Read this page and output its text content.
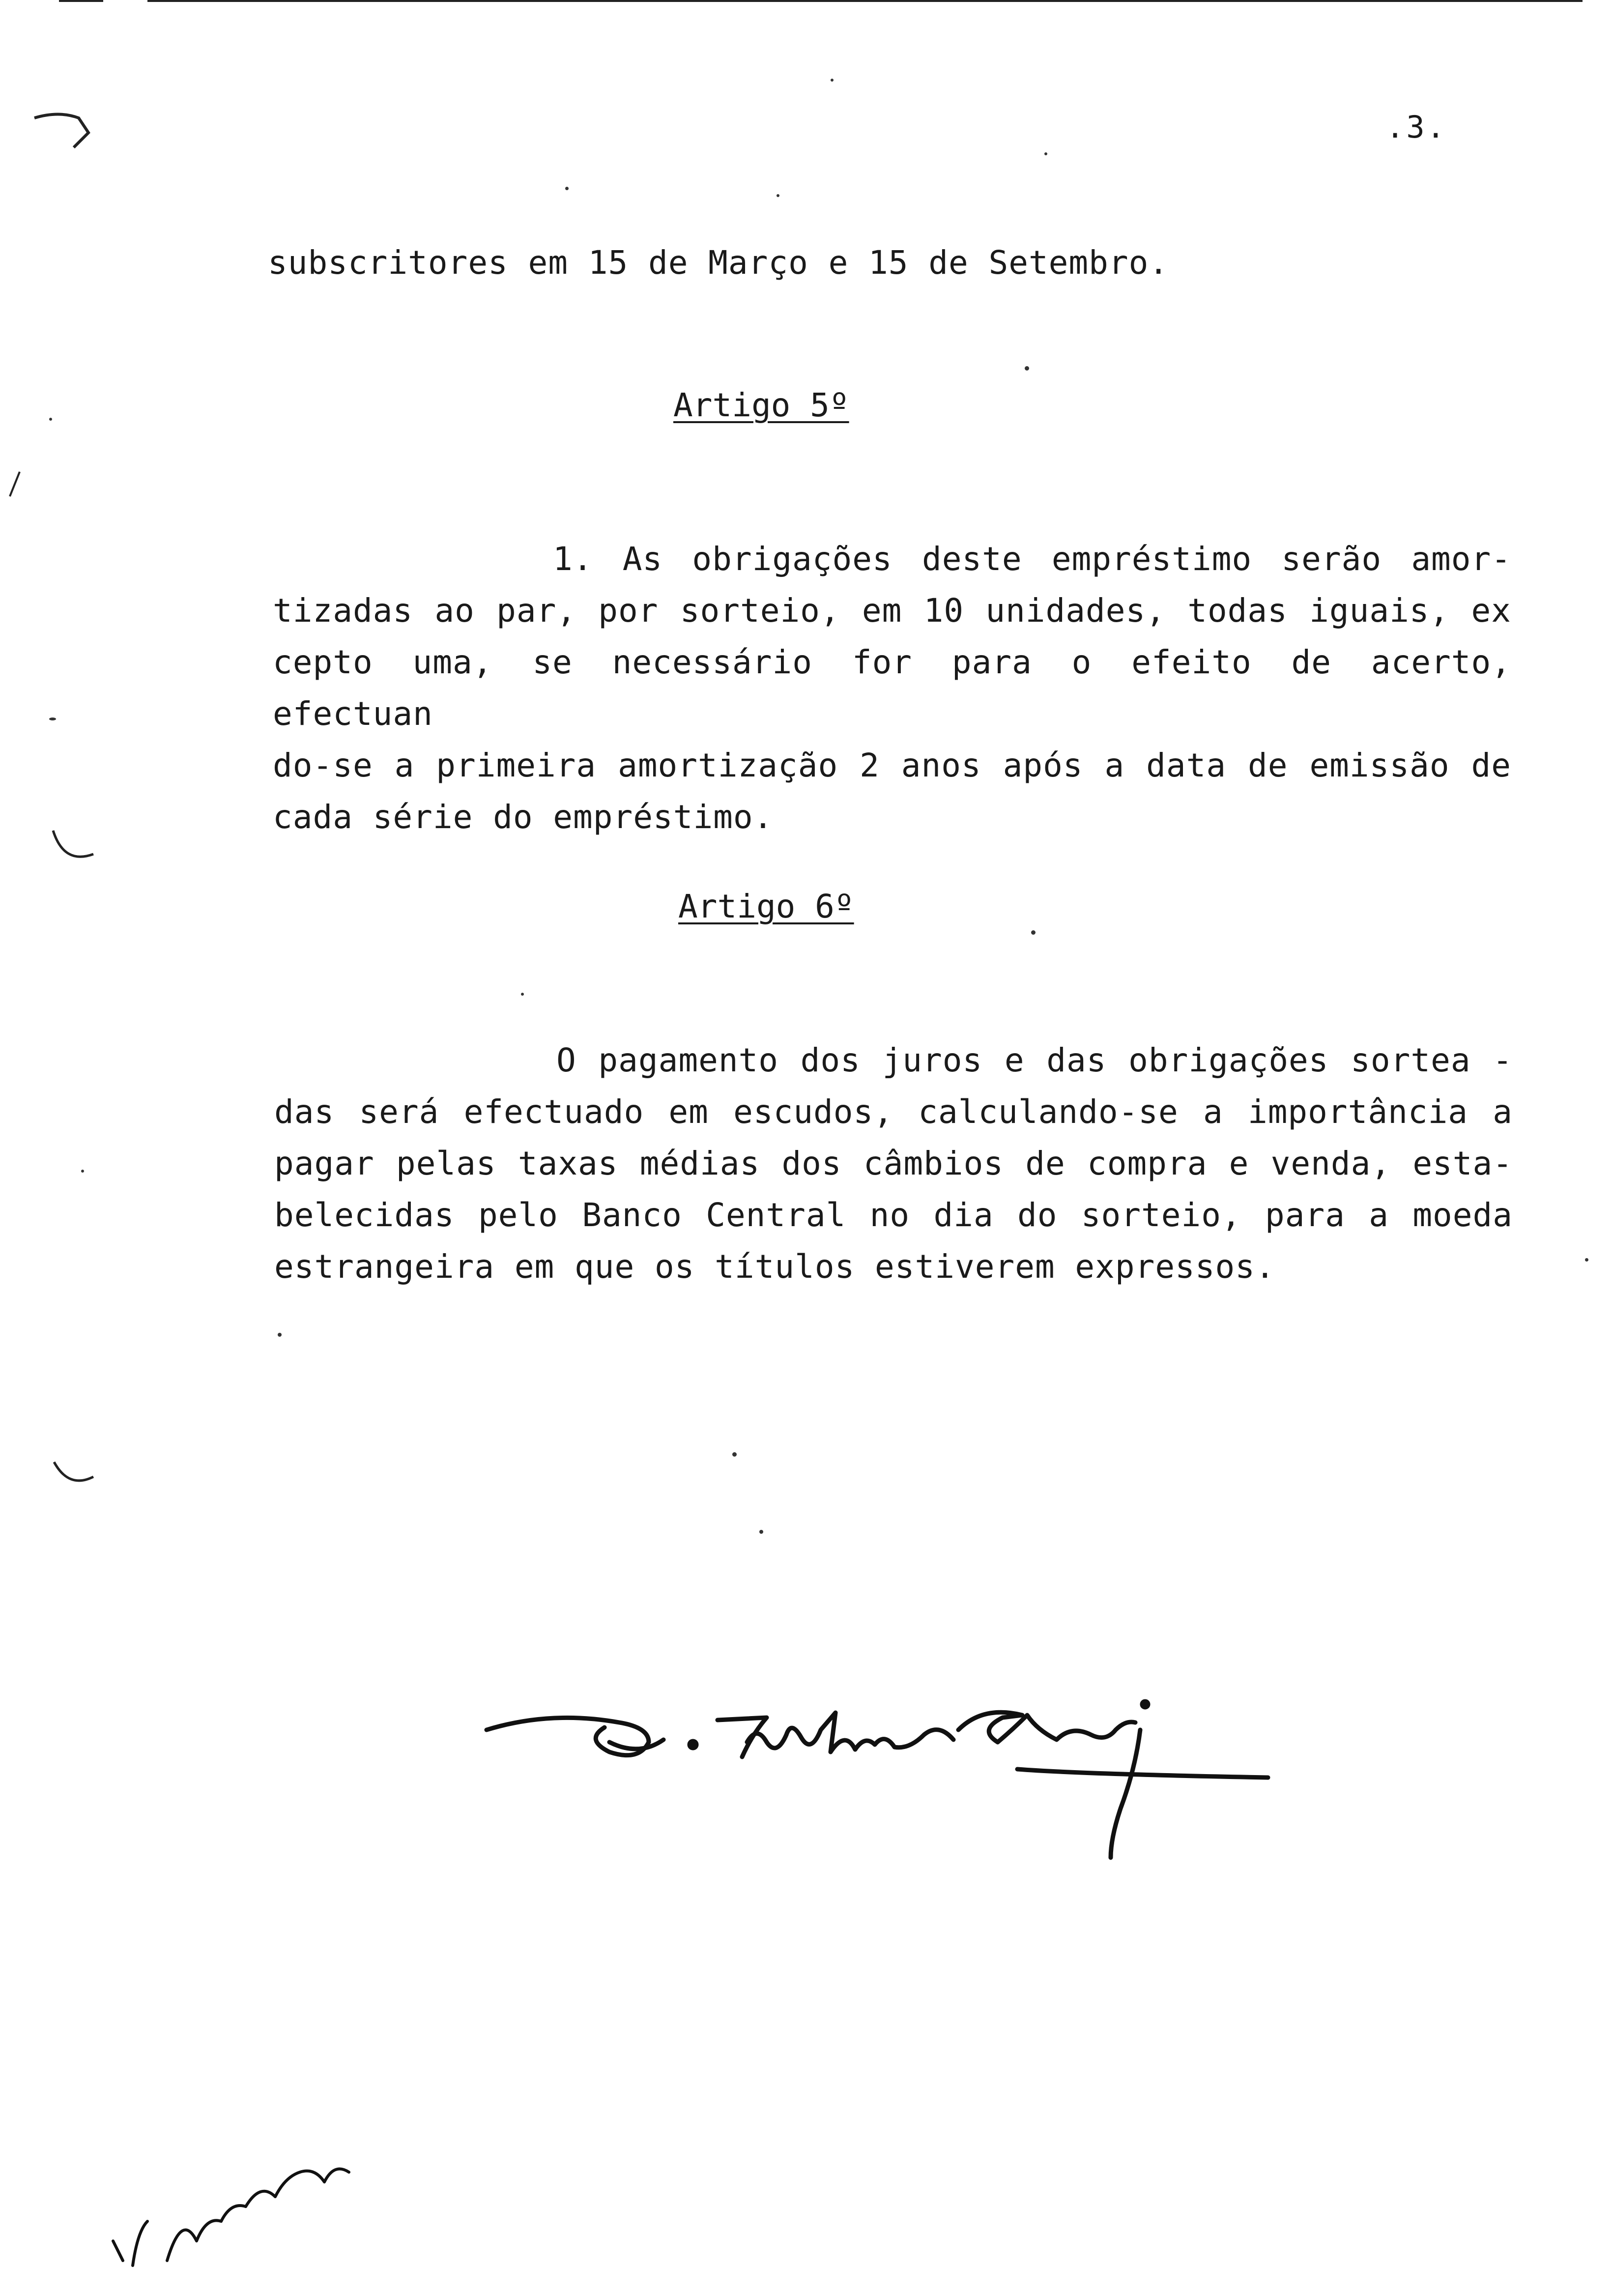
.3.
subscritores em 15 de Março e 15 de Setembro.
Artigo 5º
1. As obrigações deste empréstimo serão amor-
tizadas ao par, por sorteio, em 10 unidades, todas iguais, ex
cepto uma, se necessário for para o efeito de acerto, efectuan
do-se a primeira amortização 2 anos após a data de emissão de
cada série do empréstimo.
Artigo 6º
O pagamento dos juros e das obrigações sortea -
das será efectuado em escudos, calculando-se a importância a
pagar pelas taxas médias dos câmbios de compra e venda, esta-
belecidas pelo Banco Central no dia do sorteio, para a moeda
estrangeira em que os títulos estiverem expressos.
